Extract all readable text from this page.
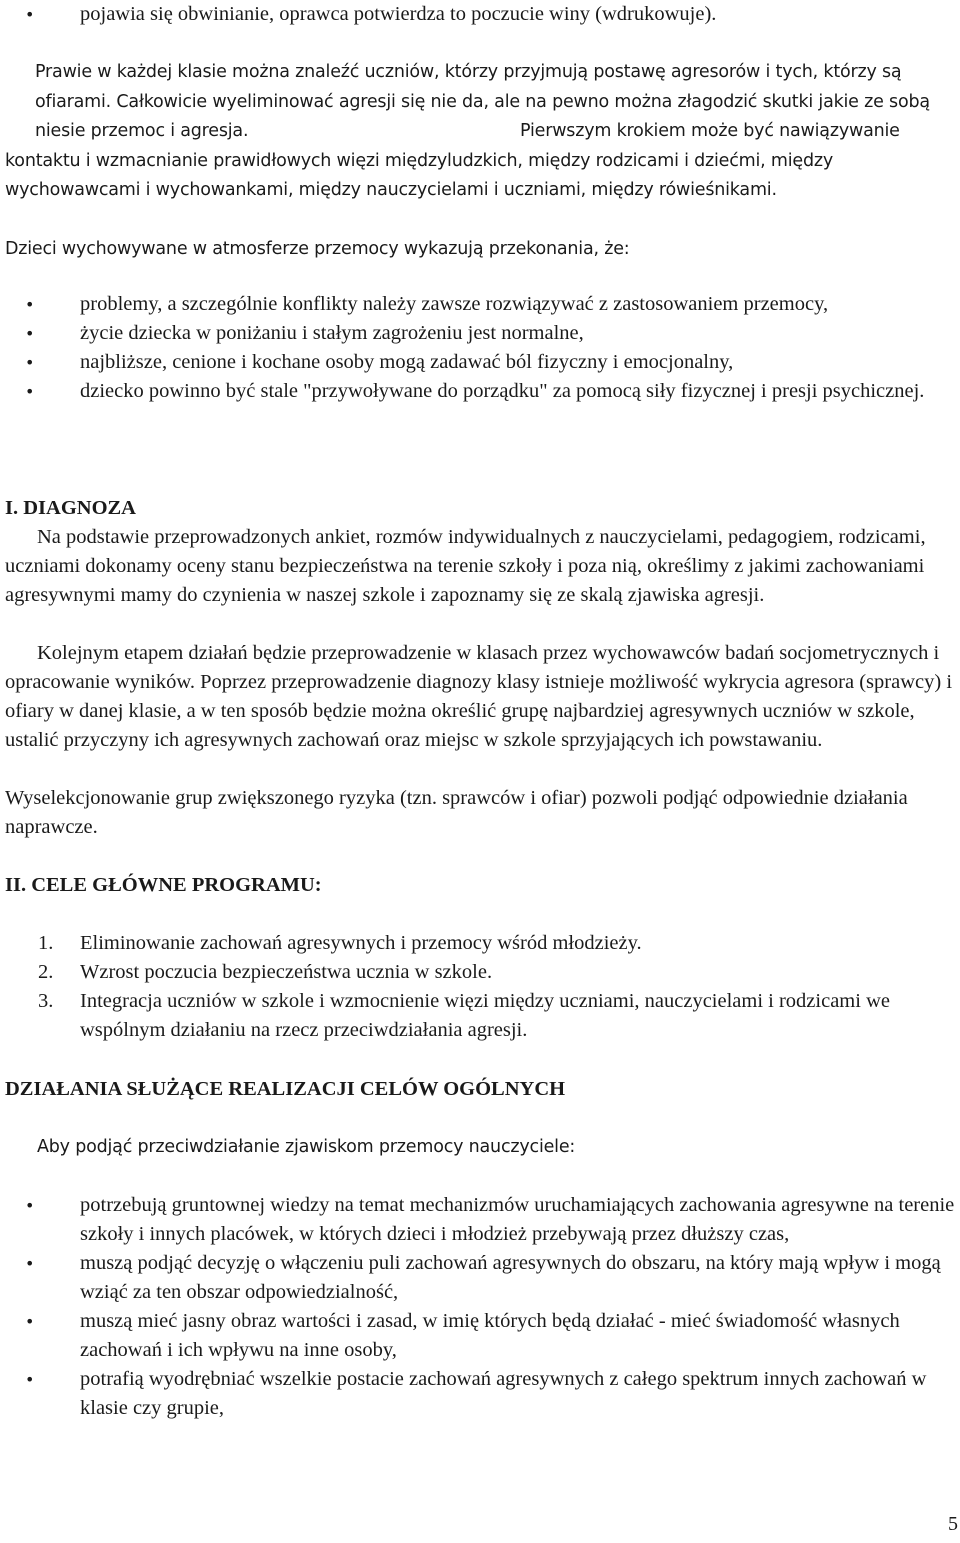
• pojawia się obwinianie, oprawca potwierdza to poczucie winy (wdrukowuje).
Prawie w każdej klasie można znaleźć uczniów, którzy przyjmują postawę agresorów i tych, którzy są ofiarami. Całkowicie wyeliminować agresji się nie da, ale na pewno można złagodzić skutki jakie ze sobą niesie przemoc i agresja.	Pierwszym krokiem może być nawiązywanie kontaktu i wzmacnianie prawidłowych więzi międzyludzkich, między rodzicami i dziećmi, między wychowawcami i wychowankami, między nauczycielami i uczniami, między rówieśnikami.

Dzieci wychowywane w atmosferze przemocy wykazują przekonania, że:

• problemy, a szczególnie konflikty należy zawsze rozwiązywać z zastosowaniem przemocy,
• życie dziecka w poniżaniu i stałym zagrożeniu jest normalne,
• najbliższe, cenione i kochane osoby mogą zadawać ból fizyczny i emocjonalny,
• dziecko powinno być stale "przywoływane do porządku" za pomocą siły fizycznej i presji psychicznej.

I. DIAGNOZA

Na podstawie przeprowadzonych ankiet, rozmów indywidualnych z nauczycielami, pedagogiem, rodzicami, uczniami dokonamy oceny stanu bezpieczeństwa na terenie szkoły i poza nią, określimy z jakimi zachowaniami agresywnymi mamy do czynienia w naszej szkole i zapoznamy się ze skalą zjawiska agresji.

Kolejnym etapem działań będzie przeprowadzenie w klasach przez wychowawców badań socjometrycznych i opracowanie wyników. Poprzez przeprowadzenie diagnozy klasy istnieje możliwość wykrycia agresora (sprawcy) i ofiary w danej klasie, a w ten sposób będzie można określić grupę najbardziej agresywnych uczniów w szkole, ustalić przyczyny ich agresywnych zachowań oraz miejsc w szkole sprzyjających ich powstawaniu.

Wyselekcjonowanie grup zwiększonego ryzyka (tzn. sprawców i ofiar) pozwoli podjąć odpowiednie działania naprawcze.

II. CELE GŁÓWNE PROGRAMU:

1. Eliminowanie zachowań agresywnych i przemocy wśród młodzieży.
2. Wzrost poczucia bezpieczeństwa ucznia w szkole.
3. Integracja uczniów w szkole i wzmocnienie więzi między uczniami, nauczycielami i rodzicami we wspólnym działaniu na rzecz przeciwdziałania agresji.

DZIAŁANIA SŁUŻĄCE REALIZACJI CELÓW OGÓLNYCH

Aby podjąć przeciwdziałanie zjawiskom przemocy nauczyciele:

• potrzebują gruntownej wiedzy na temat mechanizmów uruchamiających zachowania agresywne na terenie szkoły i innych placówek, w których dzieci i młodzież przebywają przez dłuższy czas,
• muszą podjąć decyzję o włączeniu puli zachowań agresywnych do obszaru, na który mają wpływ i mogą wziąć za ten obszar odpowiedzialność,
• muszą mieć jasny obraz wartości i zasad, w imię których będą działać - mieć świadomość własnych zachowań i ich wpływu na inne osoby,
• potrafią wyodrębniać wszelkie postacie zachowań agresywnych z całego spektrum innych zachowań w klasie czy grupie,
5
